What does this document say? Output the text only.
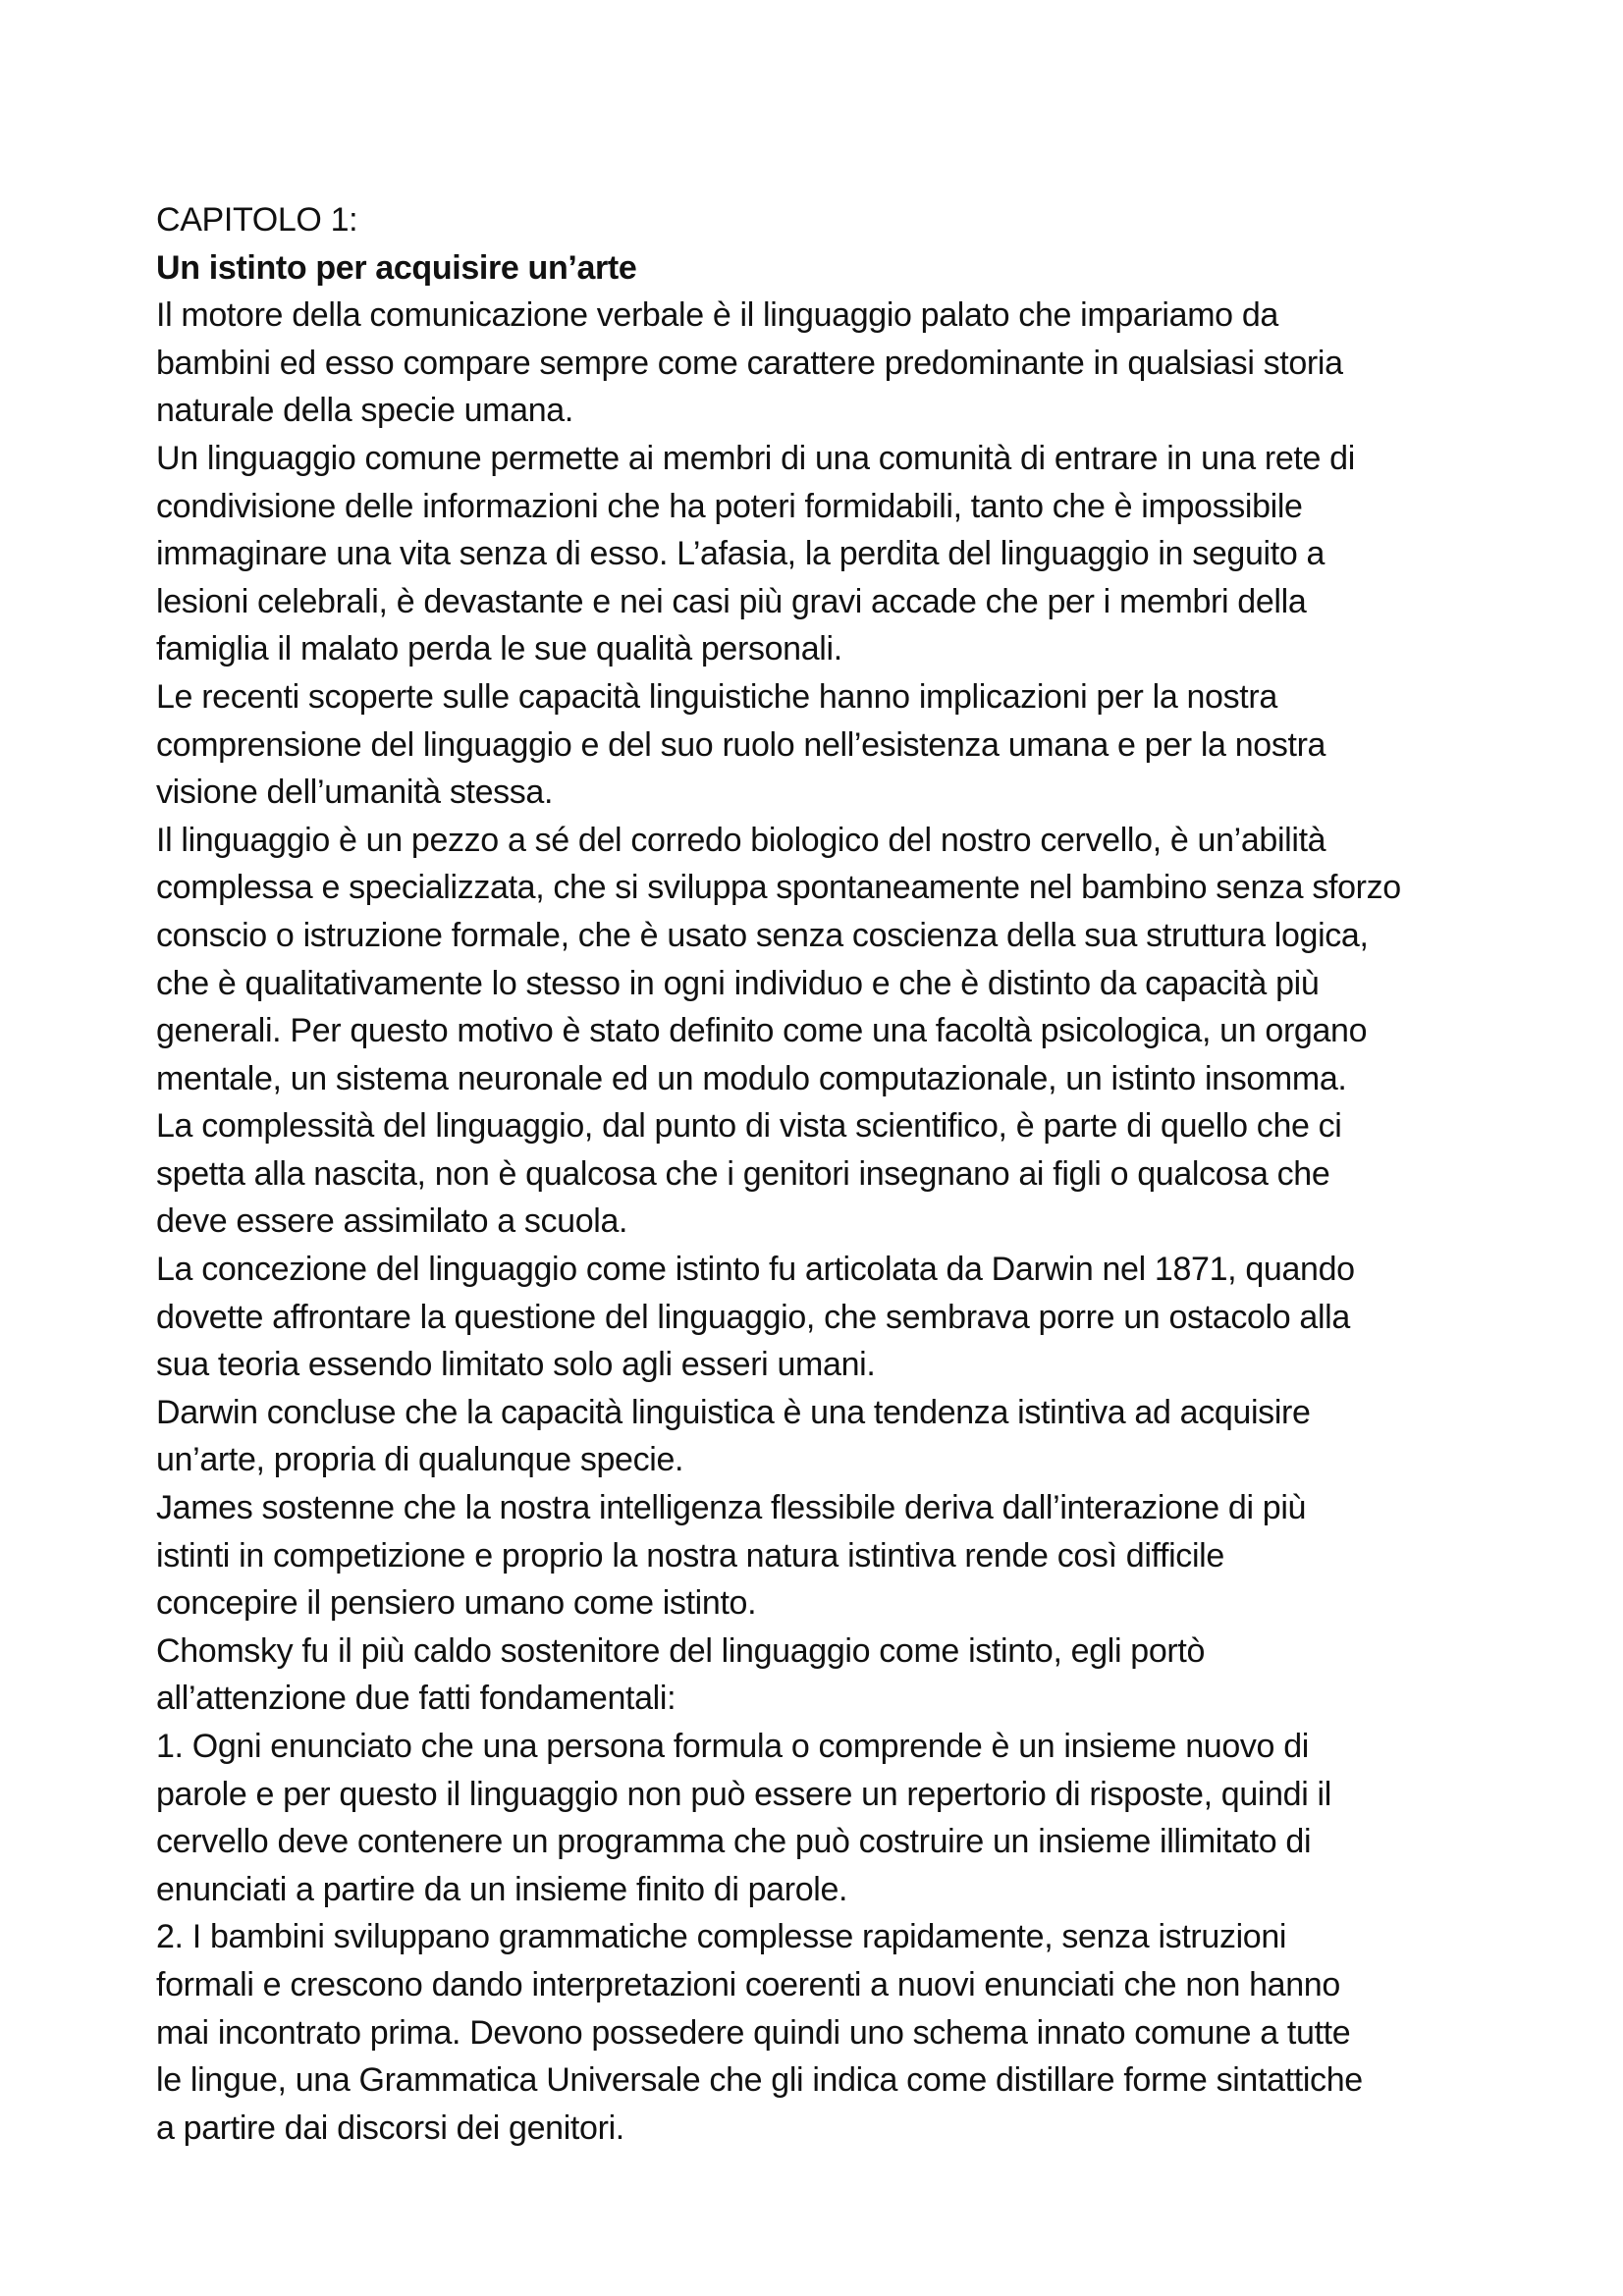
CAPITOLO 1:
Un istinto per acquisire un’arte
Il motore della comunicazione verbale è il linguaggio palato che impariamo da
bambini ed esso compare sempre come carattere predominante in qualsiasi storia
naturale della specie umana.
Un linguaggio comune permette ai membri di una comunità di entrare in una rete di
condivisione delle informazioni che ha poteri formidabili, tanto che è impossibile
immaginare una vita senza di esso. L’afasia, la perdita del linguaggio in seguito a
lesioni celebrali, è devastante e nei casi più gravi accade che per i membri della
famiglia il malato perda le sue qualità personali.
Le recenti scoperte sulle capacità linguistiche hanno implicazioni per la nostra
comprensione del linguaggio e del suo ruolo nell’esistenza umana e per la nostra
visione dell’umanità stessa.
Il linguaggio è un pezzo a sé del corredo biologico del nostro cervello, è un’abilità
complessa e specializzata, che si sviluppa spontaneamente nel bambino senza sforzo
conscio o istruzione formale, che è usato senza coscienza della sua struttura logica,
che è qualitativamente lo stesso in ogni individuo e che è distinto da capacità più
generali. Per questo motivo è stato definito come una facoltà psicologica, un organo
mentale, un sistema neuronale ed un modulo computazionale, un istinto insomma.
La complessità del linguaggio, dal punto di vista scientifico, è parte di quello che ci
spetta alla nascita, non è qualcosa che i genitori insegnano ai figli o qualcosa che
deve essere assimilato a scuola.
La concezione del linguaggio come istinto fu articolata da Darwin nel 1871, quando
dovette affrontare la questione del linguaggio, che sembrava porre un ostacolo alla
sua teoria essendo limitato solo agli esseri umani.
Darwin concluse che la capacità linguistica è una tendenza istintiva ad acquisire
un’arte, propria di qualunque specie.
James sostenne che la nostra intelligenza flessibile deriva dall’interazione di più
istinti in competizione e proprio la nostra natura istintiva rende così difficile
concepire il pensiero umano come istinto.
Chomsky fu il più caldo sostenitore del linguaggio come istinto, egli portò
all’attenzione due fatti fondamentali:
1. Ogni enunciato che una persona formula o comprende è un insieme nuovo di
parole e per questo il linguaggio non può essere un repertorio di risposte, quindi il
cervello deve contenere un programma che può costruire un insieme illimitato di
enunciati a partire da un insieme finito di parole.
2. I bambini sviluppano grammatiche complesse rapidamente, senza istruzioni
formali e crescono dando interpretazioni coerenti a nuovi enunciati che non hanno
mai incontrato prima. Devono possedere quindi uno schema innato comune a tutte
le lingue, una Grammatica Universale che gli indica come distillare forme sintattiche
a partire dai discorsi dei genitori.
